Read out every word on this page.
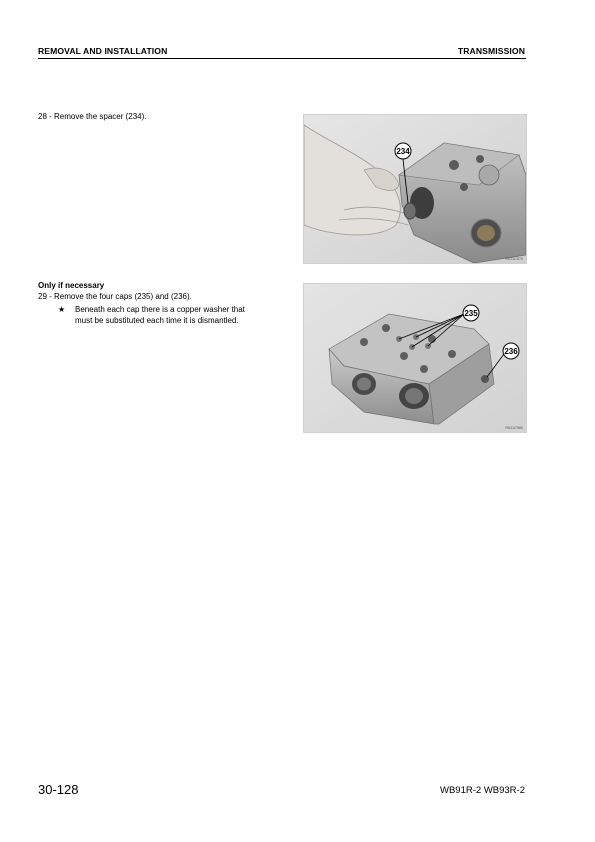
REMOVAL AND INSTALLATION	TRANSMISSION
28 - Remove the spacer (234).
234
RKZA7870
Only if necessary
29 - Remove the four caps (235) and (236).
★	Beneath each cap there is a copper washer that
must be substituted each time it is dismantled.
235
236
RKZA7880
30-128	WB91R-2 WB93R-2
